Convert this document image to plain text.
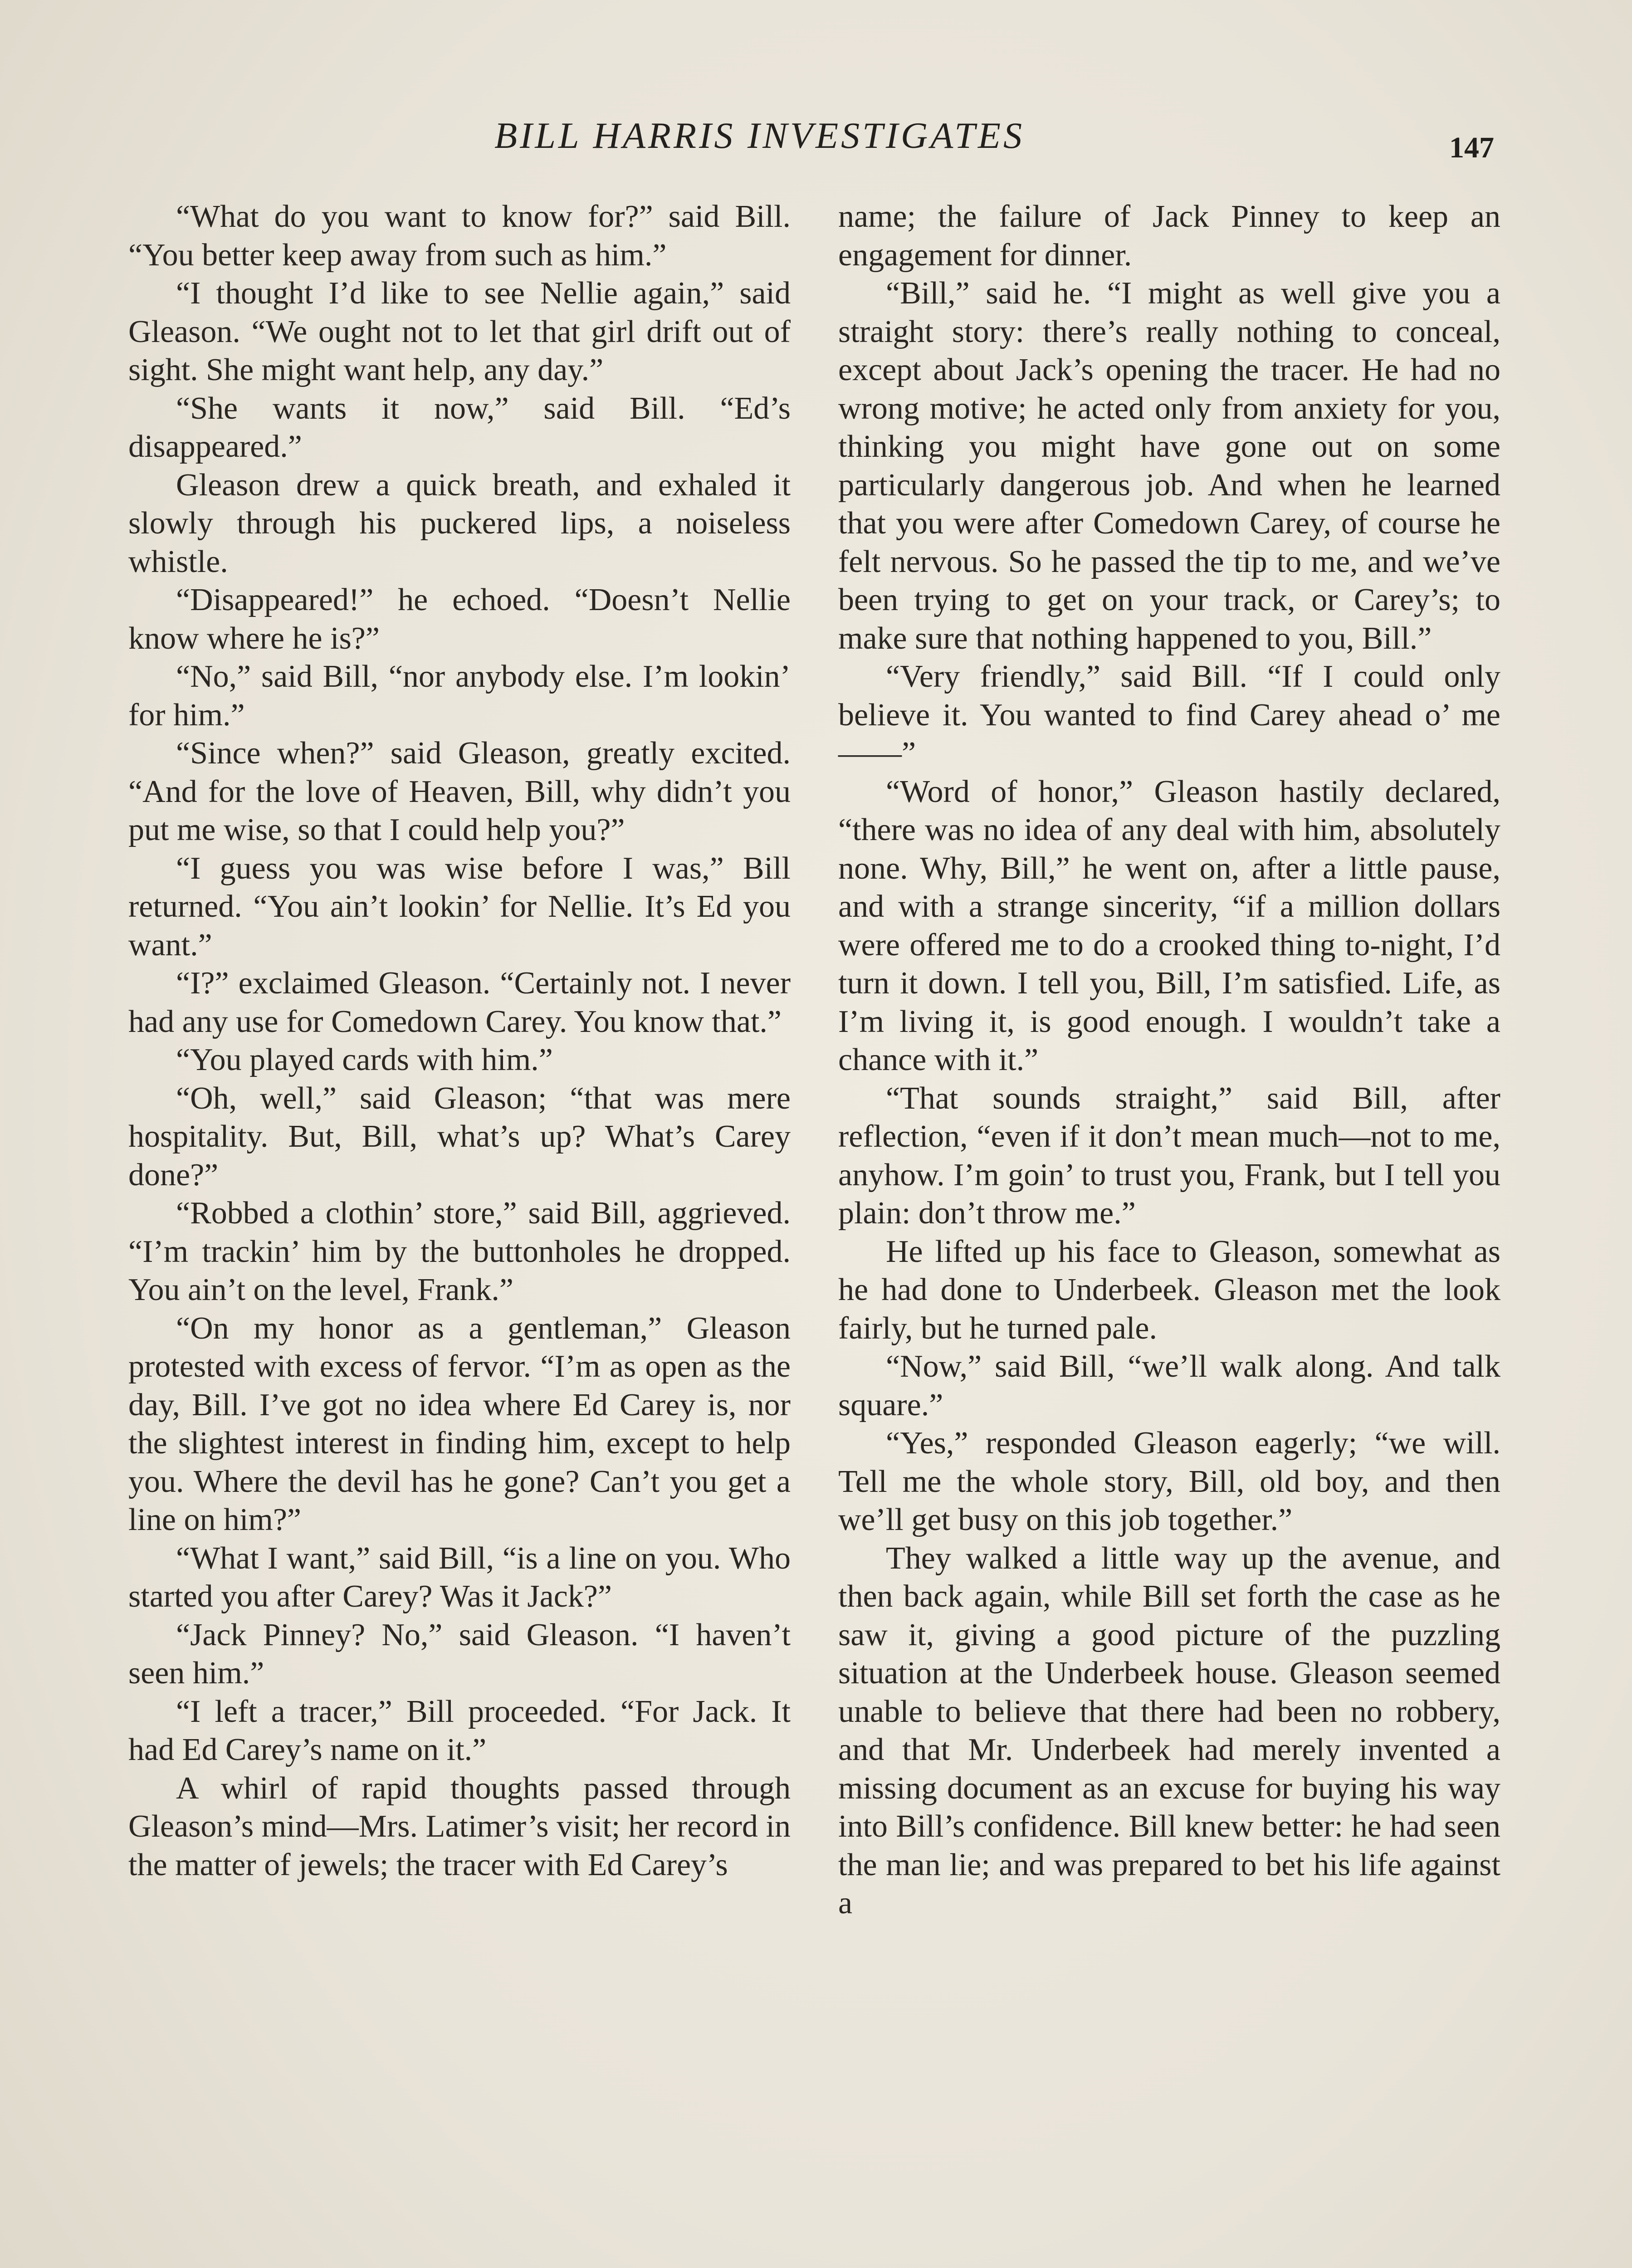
BILL HARRIS INVESTIGATES	147

“What do you want to know for?” said Bill. “You better keep away from such as him.”

“I thought I’d like to see Nellie again,” said Gleason. “We ought not to let that girl drift out of sight. She might want help, any day.”

“She wants it now,” said Bill. “Ed’s disappeared.”

Gleason drew a quick breath, and exhaled it slowly through his puckered lips, a noiseless whistle.

“Disappeared!” he echoed. “Doesn’t Nellie know where he is?”

“No,” said Bill, “nor anybody else. I’m lookin’ for him.”

“Since when?” said Gleason, greatly excited. “And for the love of Heaven, Bill, why didn’t you put me wise, so that I could help you?”

“I guess you was wise before I was,” Bill returned. “You ain’t lookin’ for Nellie. It’s Ed you want.”

“I?” exclaimed Gleason. “Certainly not. I never had any use for Comedown Carey. You know that.”

“You played cards with him.”

“Oh, well,” said Gleason; “that was mere hospitality. But, Bill, what’s up? What’s Carey done?”

“Robbed a clothin’ store,” said Bill, aggrieved. “I’m trackin’ him by the buttonholes he dropped. You ain’t on the level, Frank.”

“On my honor as a gentleman,” Gleason protested with excess of fervor. “I’m as open as the day, Bill. I’ve got no idea where Ed Carey is, nor the slightest interest in finding him, except to help you. Where the devil has he gone? Can’t you get a line on him?”

“What I want,” said Bill, “is a line on you. Who started you after Carey? Was it Jack?”

“Jack Pinney? No,” said Gleason. “I haven’t seen him.”

“I left a tracer,” Bill proceeded. “For Jack. It had Ed Carey’s name on it.”

A whirl of rapid thoughts passed through Gleason’s mind—Mrs. Latimer’s visit; her record in the matter of jewels; the tracer with Ed Carey’s

name; the failure of Jack Pinney to keep an engagement for dinner.

“Bill,” said he. “I might as well give you a straight story: there’s really nothing to conceal, except about Jack’s opening the tracer. He had no wrong motive; he acted only from anxiety for you, thinking you might have gone out on some particularly dangerous job. And when he learned that you were after Comedown Carey, of course he felt nervous. So he passed the tip to me, and we’ve been trying to get on your track, or Carey’s; to make sure that nothing happened to you, Bill.”

“Very friendly,” said Bill. “If I could only believe it. You wanted to find Carey ahead o’ me——”

“Word of honor,” Gleason hastily declared, “there was no idea of any deal with him, absolutely none. Why, Bill,” he went on, after a little pause, and with a strange sincerity, “if a million dollars were offered me to do a crooked thing to-night, I’d turn it down. I tell you, Bill, I’m satisfied. Life, as I’m living it, is good enough. I wouldn’t take a chance with it.”

“That sounds straight,” said Bill, after reflection, “even if it don’t mean much—not to me, anyhow. I’m goin’ to trust you, Frank, but I tell you plain: don’t throw me.”

He lifted up his face to Gleason, somewhat as he had done to Underbeek. Gleason met the look fairly, but he turned pale.

“Now,” said Bill, “we’ll walk along. And talk square.”

“Yes,” responded Gleason eagerly; “we will. Tell me the whole story, Bill, old boy, and then we’ll get busy on this job together.”

They walked a little way up the avenue, and then back again, while Bill set forth the case as he saw it, giving a good picture of the puzzling situation at the Underbeek house. Gleason seemed unable to believe that there had been no robbery, and that Mr. Underbeek had merely invented a missing document as an excuse for buying his way into Bill’s confidence. Bill knew better: he had seen the man lie; and was prepared to bet his life against a
